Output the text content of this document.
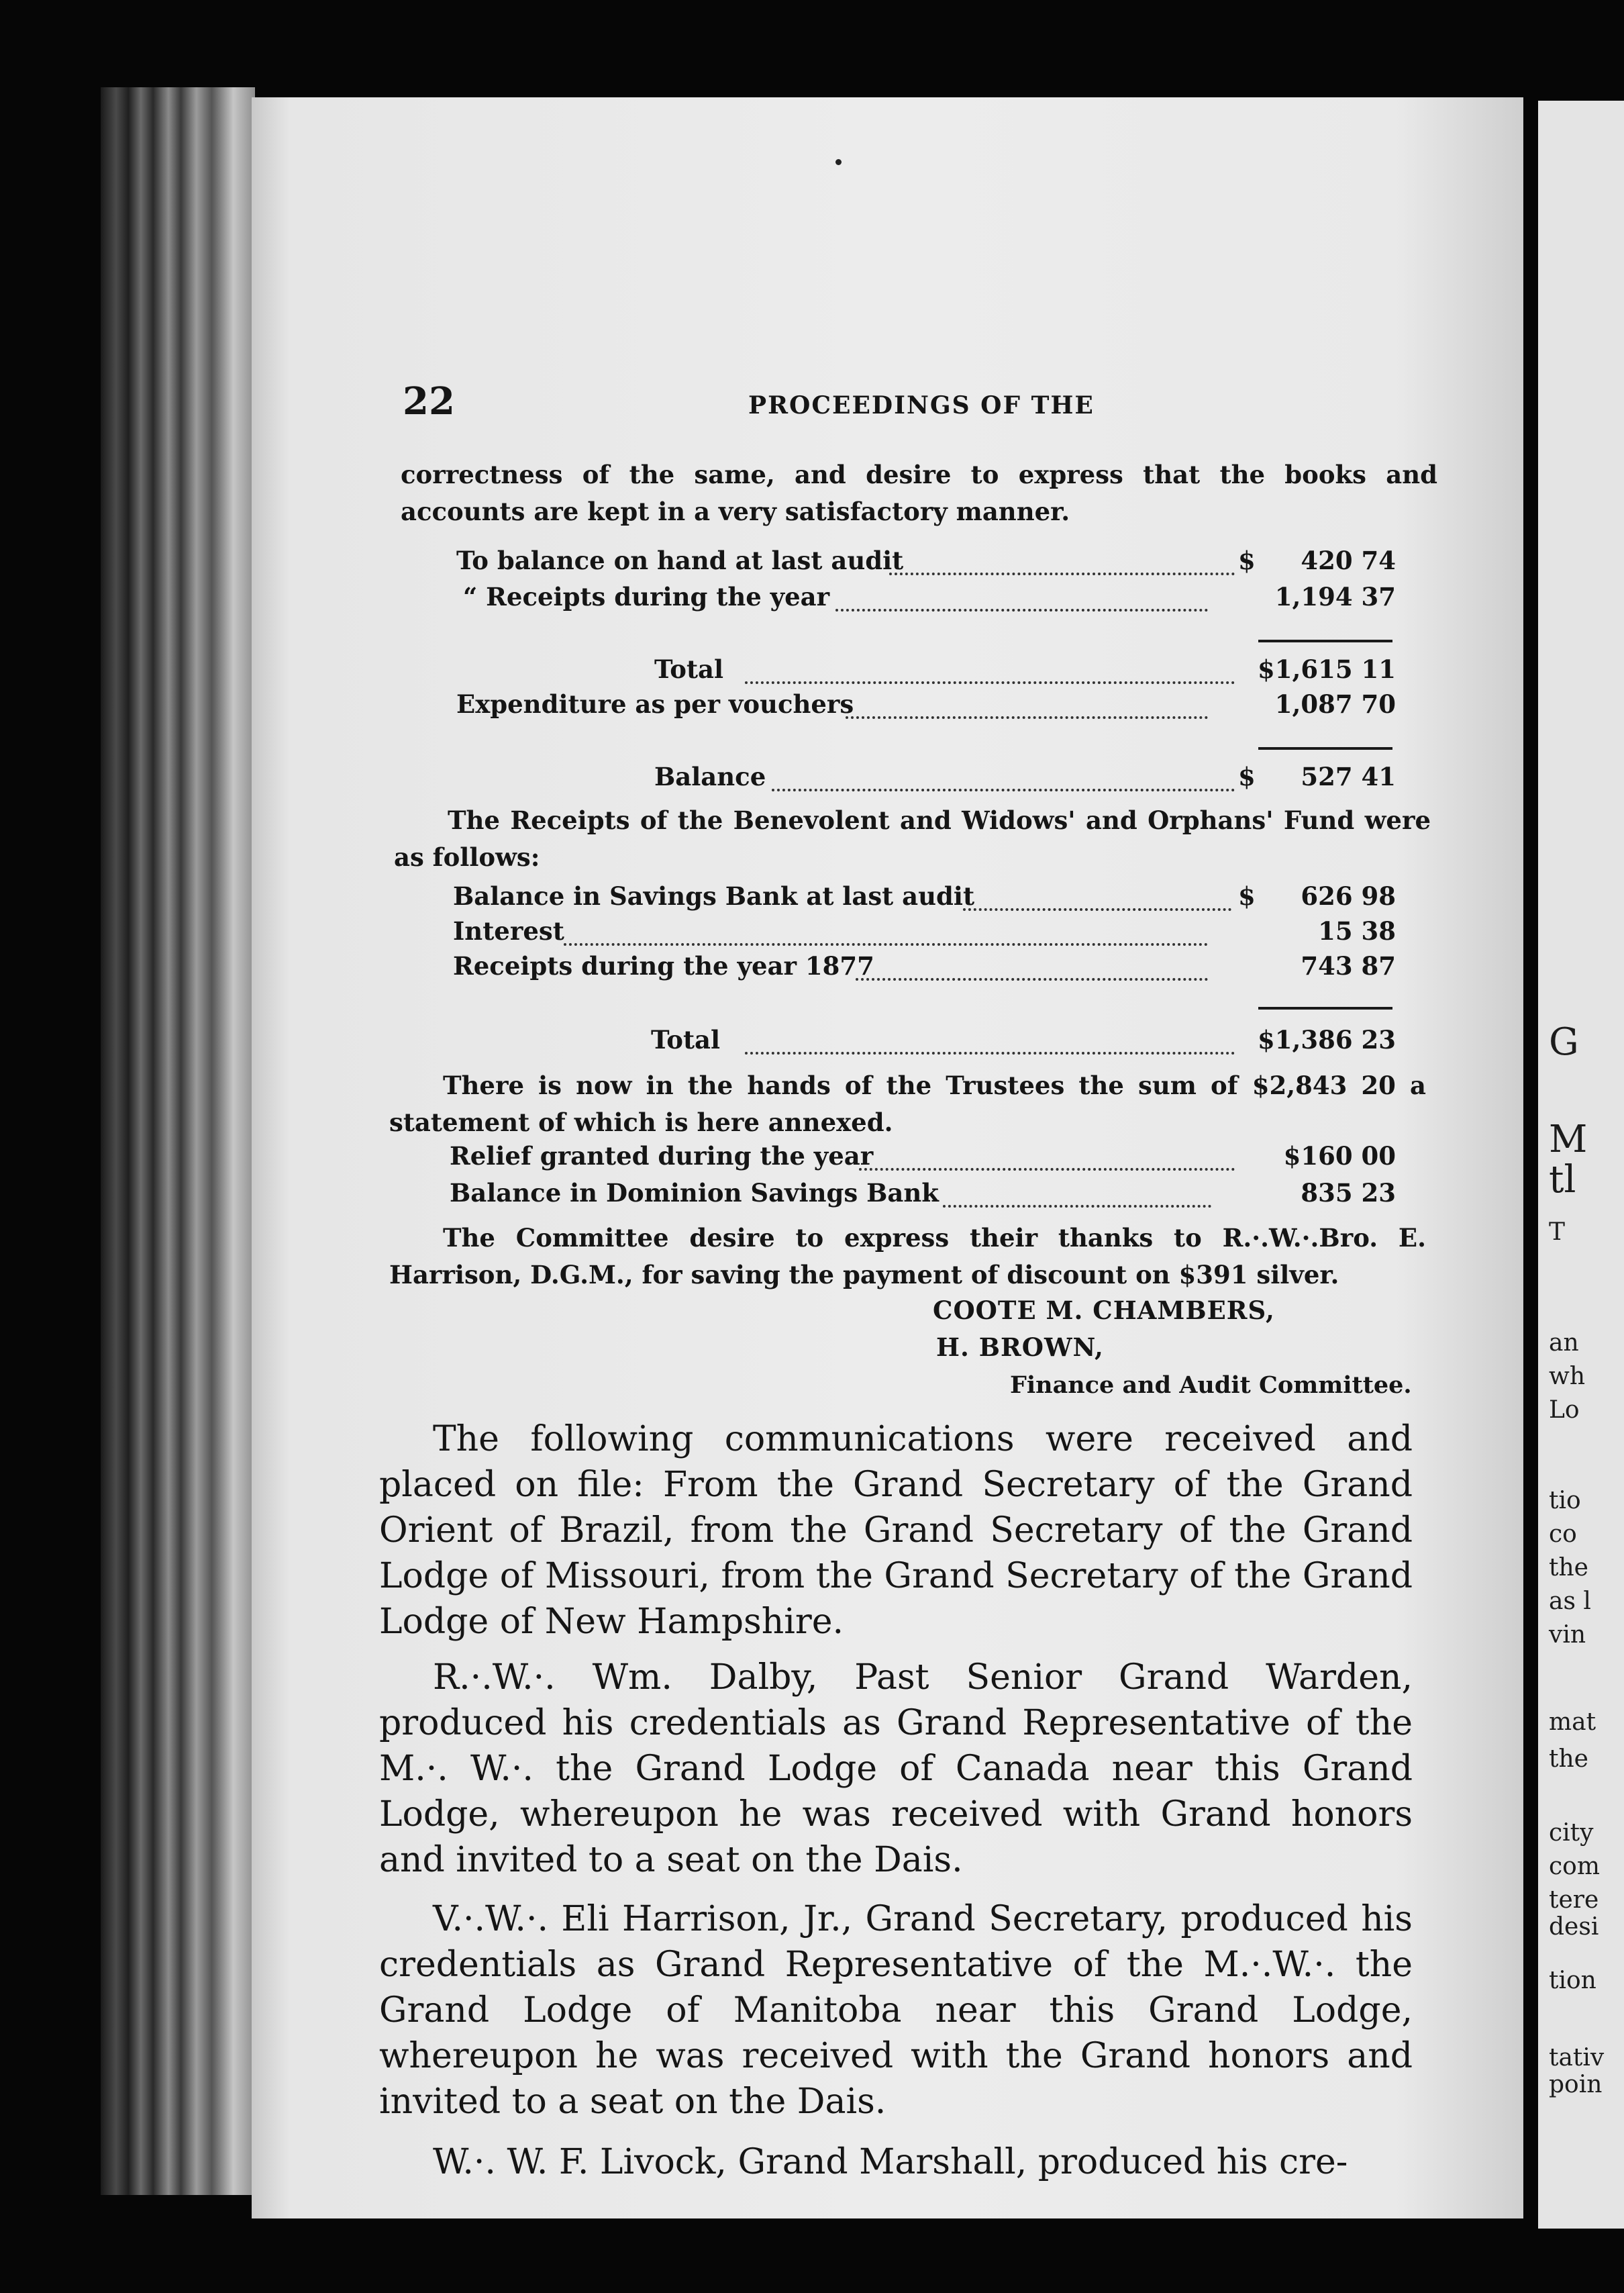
22	PROCEEDINGS OF THE
correctness of the same, and desire to express that the books and accounts are kept in a very satisfactory manner.
To balance on hand at last audit	$ 420 74
“ Receipts during the year	1,194 37
Total	$1,615 11
Expenditure as per vouchers	1,087 70
Balance	$ 527 41
The Receipts of the Benevolent and Widows' and Orphans' Fund were as follows:
Balance in Savings Bank at last audit	$ 626 98
Interest	15 38
Receipts during the year 1877	743 87
Total	$1,386 23
There is now in the hands of the Trustees the sum of $2,843 20 a statement of which is here annexed.
Relief granted during the year	$160 00
Balance in Dominion Savings Bank	835 23
The Committee desire to express their thanks to R.·.W.·.Bro. E. Harrison, D.G.M., for saving the payment of discount on $391 silver.
COOTE M. CHAMBERS,
H. BROWN,
Finance and Audit Committee.
The following communications were received and placed on file: From the Grand Secretary of the Grand Orient of Brazil, from the Grand Secretary of the Grand Lodge of Missouri, from the Grand Secretary of the Grand Lodge of New Hampshire.
R.·.W.·. Wm. Dalby, Past Senior Grand Warden, produced his credentials as Grand Representative of the M.·. W.·. the Grand Lodge of Canada near this Grand Lodge, whereupon he was received with Grand honors and invited to a seat on the Dais.
V.·.W.·. Eli Harrison, Jr., Grand Secretary, produced his credentials as Grand Representative of the M.·.W.·. the Grand Lodge of Manitoba near this Grand Lodge, whereupon he was received with the Grand honors and invited to a seat on the Dais.
W.·. W. F. Livock, Grand Marshall, produced his cre-
G
M
tl
T
an
wh
Lo
tio
co
the
as l
vin
mat
the
city
com
tere
desi
tion
tativ
poin
